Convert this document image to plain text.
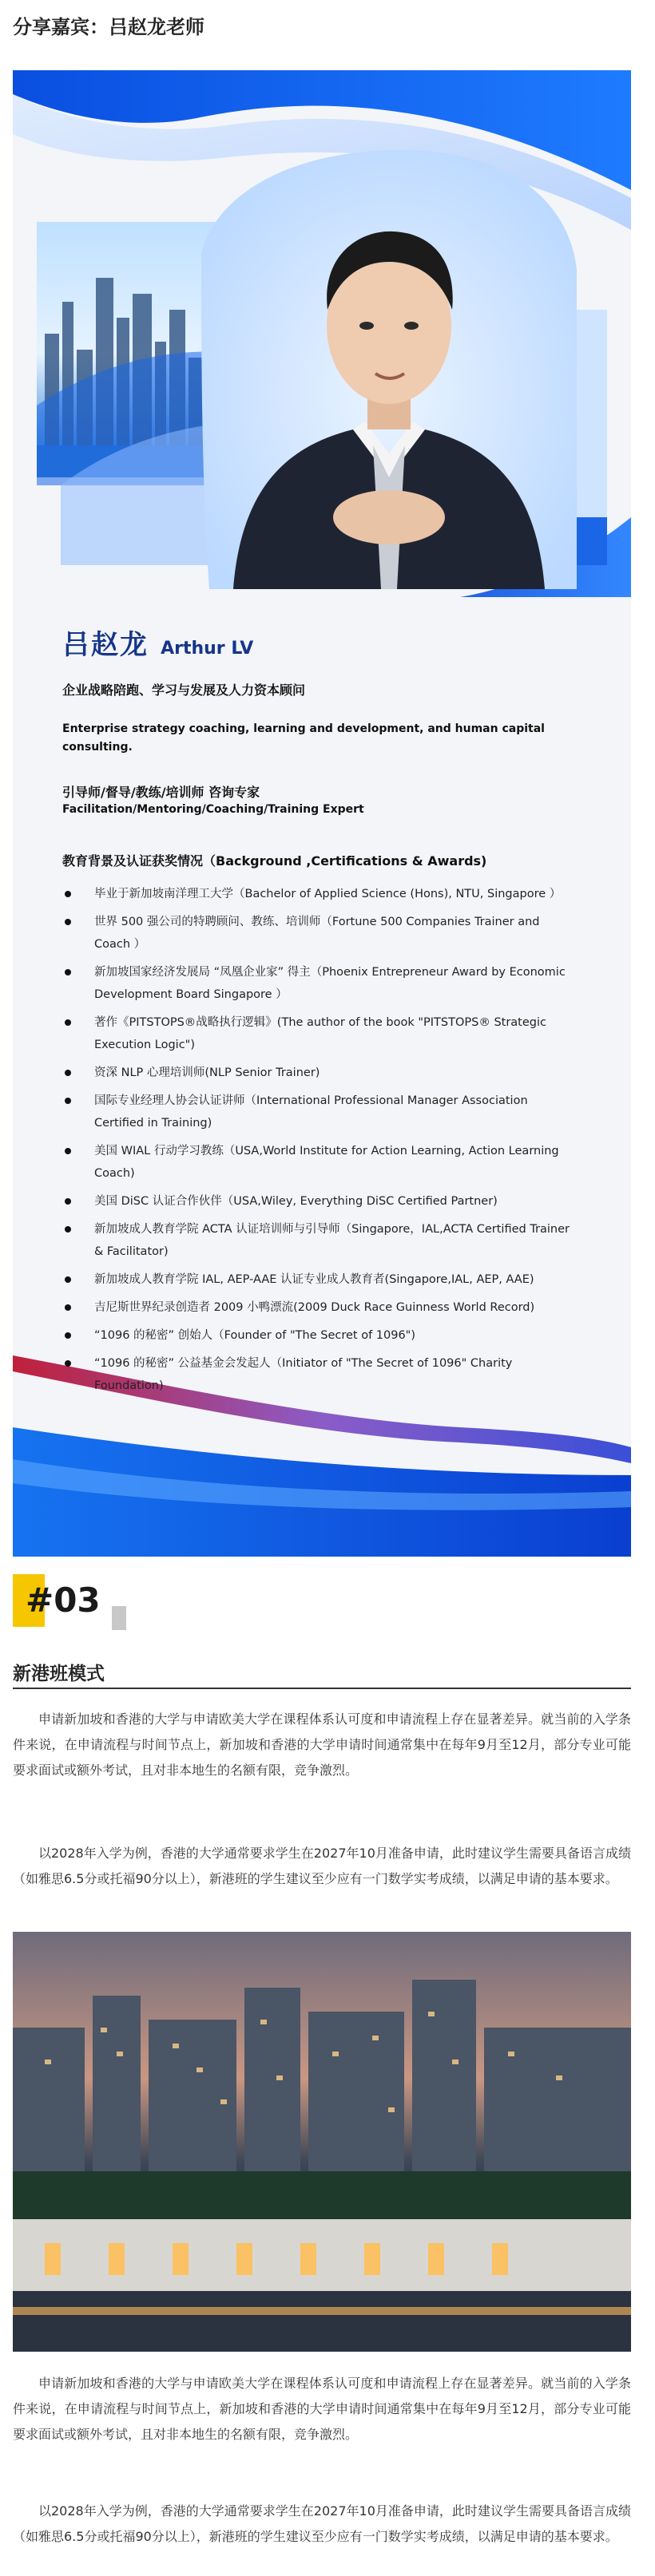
分享嘉宾：吕赵龙老师
吕赵龙 Arthur LV
企业战略陪跑、学习与发展及人力资本顾问
Enterprise strategy coaching, learning and development, and human capital consulting.
引导师/督导/教练/培训师 咨询专家
Facilitation/Mentoring/Coaching/Training Expert
教育背景及认证获奖情况（Background ,Certifications & Awards)
毕业于新加坡南洋理工大学（Bachelor of Applied Science (Hons), NTU, Singapore ）
世界 500 强公司的特聘顾问、教练、培训师（Fortune 500 Companies Trainer and Coach ）
新加坡国家经济发展局 “凤凰企业家” 得主（Phoenix Entrepreneur Award by Economic Development Board Singapore ）
著作《PITSTOPS®战略执行逻辑》(The author of the book "PITSTOPS® Strategic Execution Logic")
资深 NLP 心理培训师(NLP Senior Trainer)
国际专业经理人协会认证讲师（International Professional Manager Association Certified in Training)
美国 WIAL 行动学习教练（USA,World Institute for Action Learning, Action Learning Coach)
美国 DiSC 认证合作伙伴（USA,Wiley, Everything DiSC Certified Partner)
新加坡成人教育学院 ACTA 认证培训师与引导师（Singapore，IAL,ACTA Certified Trainer & Facilitator)
新加坡成人教育学院 IAL, AEP-AAE 认证专业成人教育者(Singapore,IAL, AEP, AAE)
吉尼斯世界纪录创造者 2009 小鸭漂流(2009 Duck Race Guinness World Record)
“1096 的秘密” 创始人（Founder of "The Secret of 1096")
“1096 的秘密” 公益基金会发起人（Initiator of "The Secret of 1096" Charity Foundation)
#03
新港班模式

申请新加坡和香港的大学与申请欧美大学在课程体系认可度和申请流程上存在显著差异。就当前的入学条件来说，在申请流程与时间节点上，新加坡和香港的大学申请时间通常集中在每年9月至12月，部分专业可能要求面试或额外考试，且对非本地生的名额有限，竞争激烈。

以2028年入学为例，香港的大学通常要求学生在2027年10月准备申请，此时建议学生需要具备语言成绩（如雅思6.5分或托福90分以上），新港班的学生建议至少应有一门数学实考成绩，以满足申请的基本要求。

申请新加坡和香港的大学与申请欧美大学在课程体系认可度和申请流程上存在显著差异。就当前的入学条件来说，在申请流程与时间节点上，新加坡和香港的大学申请时间通常集中在每年9月至12月，部分专业可能要求面试或额外考试，且对非本地生的名额有限，竞争激烈。

以2028年入学为例，香港的大学通常要求学生在2027年10月准备申请，此时建议学生需要具备语言成绩（如雅思6.5分或托福90分以上），新港班的学生建议至少应有一门数学实考成绩，以满足申请的基本要求。
